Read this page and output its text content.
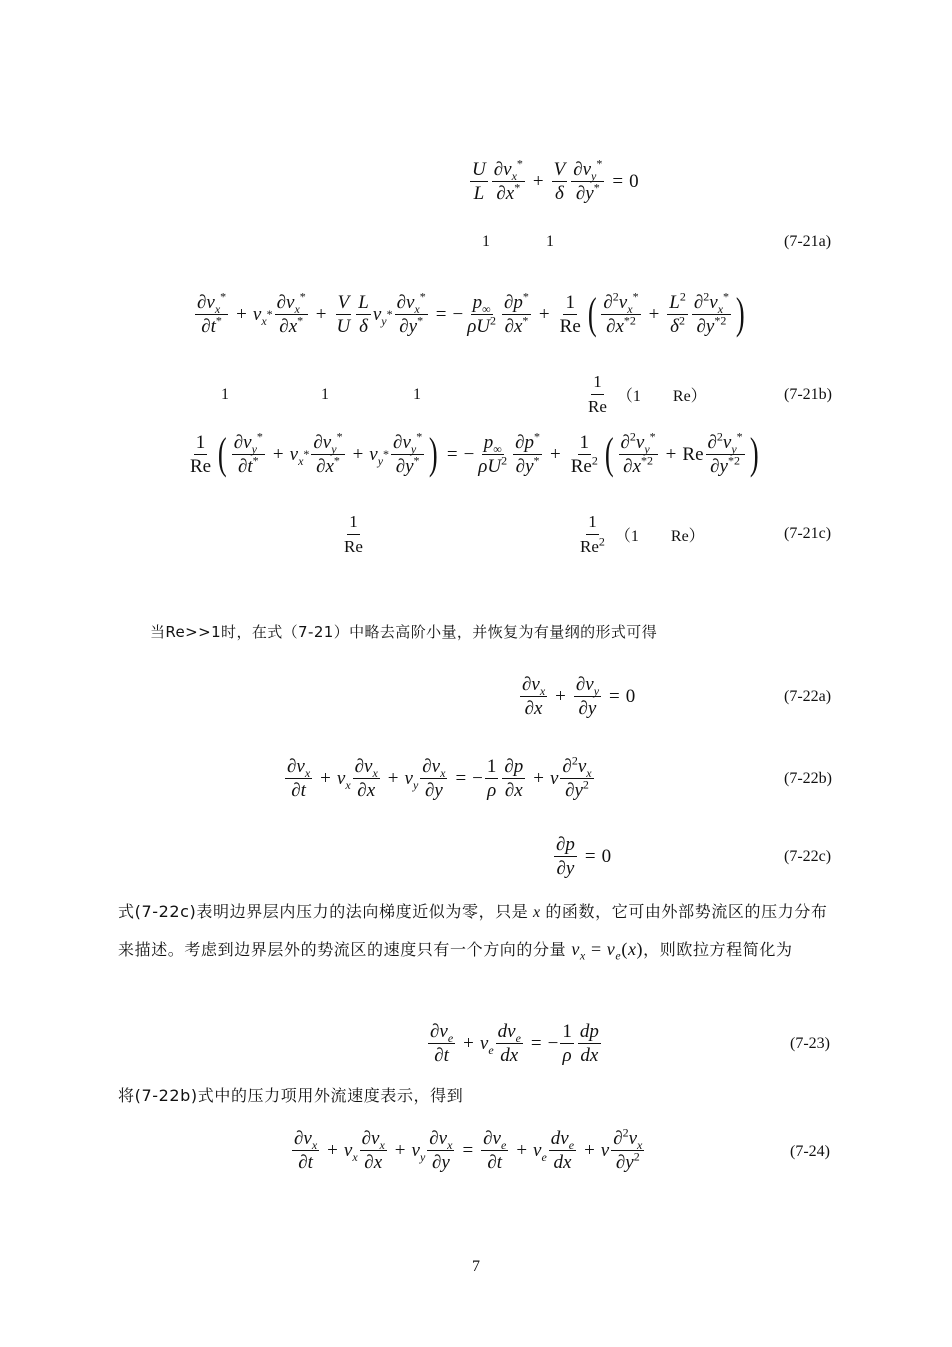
$\frac{U}{L} \frac{\partial v_x^*}{\partial x^*} + \frac{V}{\delta} \frac{\partial v_y^*}{\partial y^*} = 0$
1	1	(7-21a)
$\frac{\partial v_x^*}{\partial t^*} + v_x * \frac{\partial v_x^*}{\partial x^*} + \frac{V}{U} \frac{L}{\delta} v_y * \frac{\partial v_x^*}{\partial y^*}$ = − $\frac{p_\infty}{\rho U^2} \frac{\partial p^*}{\partial x^*} + \frac{1}{Re}$ ( $\frac{\partial^2v_x^*}{\partial x^{*2}} + \frac{L^2}{\delta^2} \frac{\partial^2v_x^*}{\partial y^{*2}}$ )
1	1	1	$\frac{1}{Re} (1$　　Re）	(7-21b)
$\frac{1}{Re}$ ( $\frac{\partial v_y^*}{\partial t^*} + v_x * \frac{\partial v_y^*}{\partial x^*} + v_y * \frac{\partial v_y^*}{\partial y^*}$ ) = − $\frac{p_\infty}{\rho U^2} \frac{\partial p^*}{\partial y^*} + \frac{1}{Re^2}$ ( $\frac{\partial^2v_y^*}{\partial x^{*2}} + Re \frac{\partial^2v_y^*}{\partial y^{*2}}$ )
$\frac{1}{Re}$	$\frac{1}{Re^2} (1$　　Re）	(7-21c)
当Re>>1时，在式（7-21）中略去高阶小量，并恢复为有量纲的形式可得
$\frac{\partial v_x}{\partial x} + \frac{\partial v_y}{\partial y} = 0$	(7-22a)
$\frac{\partial v_x}{\partial t} + v_x \frac{\partial v_x}{\partial x} + v_y \frac{\partial v_x}{\partial y}$ = − $\frac{1}{\rho} \frac{\partial p}{\partial x} + \nu \frac{\partial^2v_x}{\partial y^2}$	(7-22b)
$\frac{\partial p}{\partial y} = 0$	(7-22c)
式(7-22c)表明边界层内压力的法向梯度近似为零，只是 x 的函数，它可由外部势流区的压力分布来描述。考虑到边界层外的势流区的速度只有一个方向的分量 $v_x = v_e(x)$，则欧拉方程简化为
$\frac{\partial v_e}{\partial t} + v_e \frac{dv_e}{dx}$ = − $\frac{1}{\rho} \frac{dp}{dx}$	(7-23)
将(7-22b)式中的压力项用外流速度表示，得到
$\frac{\partial v_x}{\partial t} + v_x \frac{\partial v_x}{\partial x} + v_y \frac{\partial v_x}{\partial y} = \frac{\partial v_e}{\partial t} + v_e \frac{dv_e}{dx} + \nu \frac{\partial^2v_x}{\partial y^2}$	(7-24)
7
